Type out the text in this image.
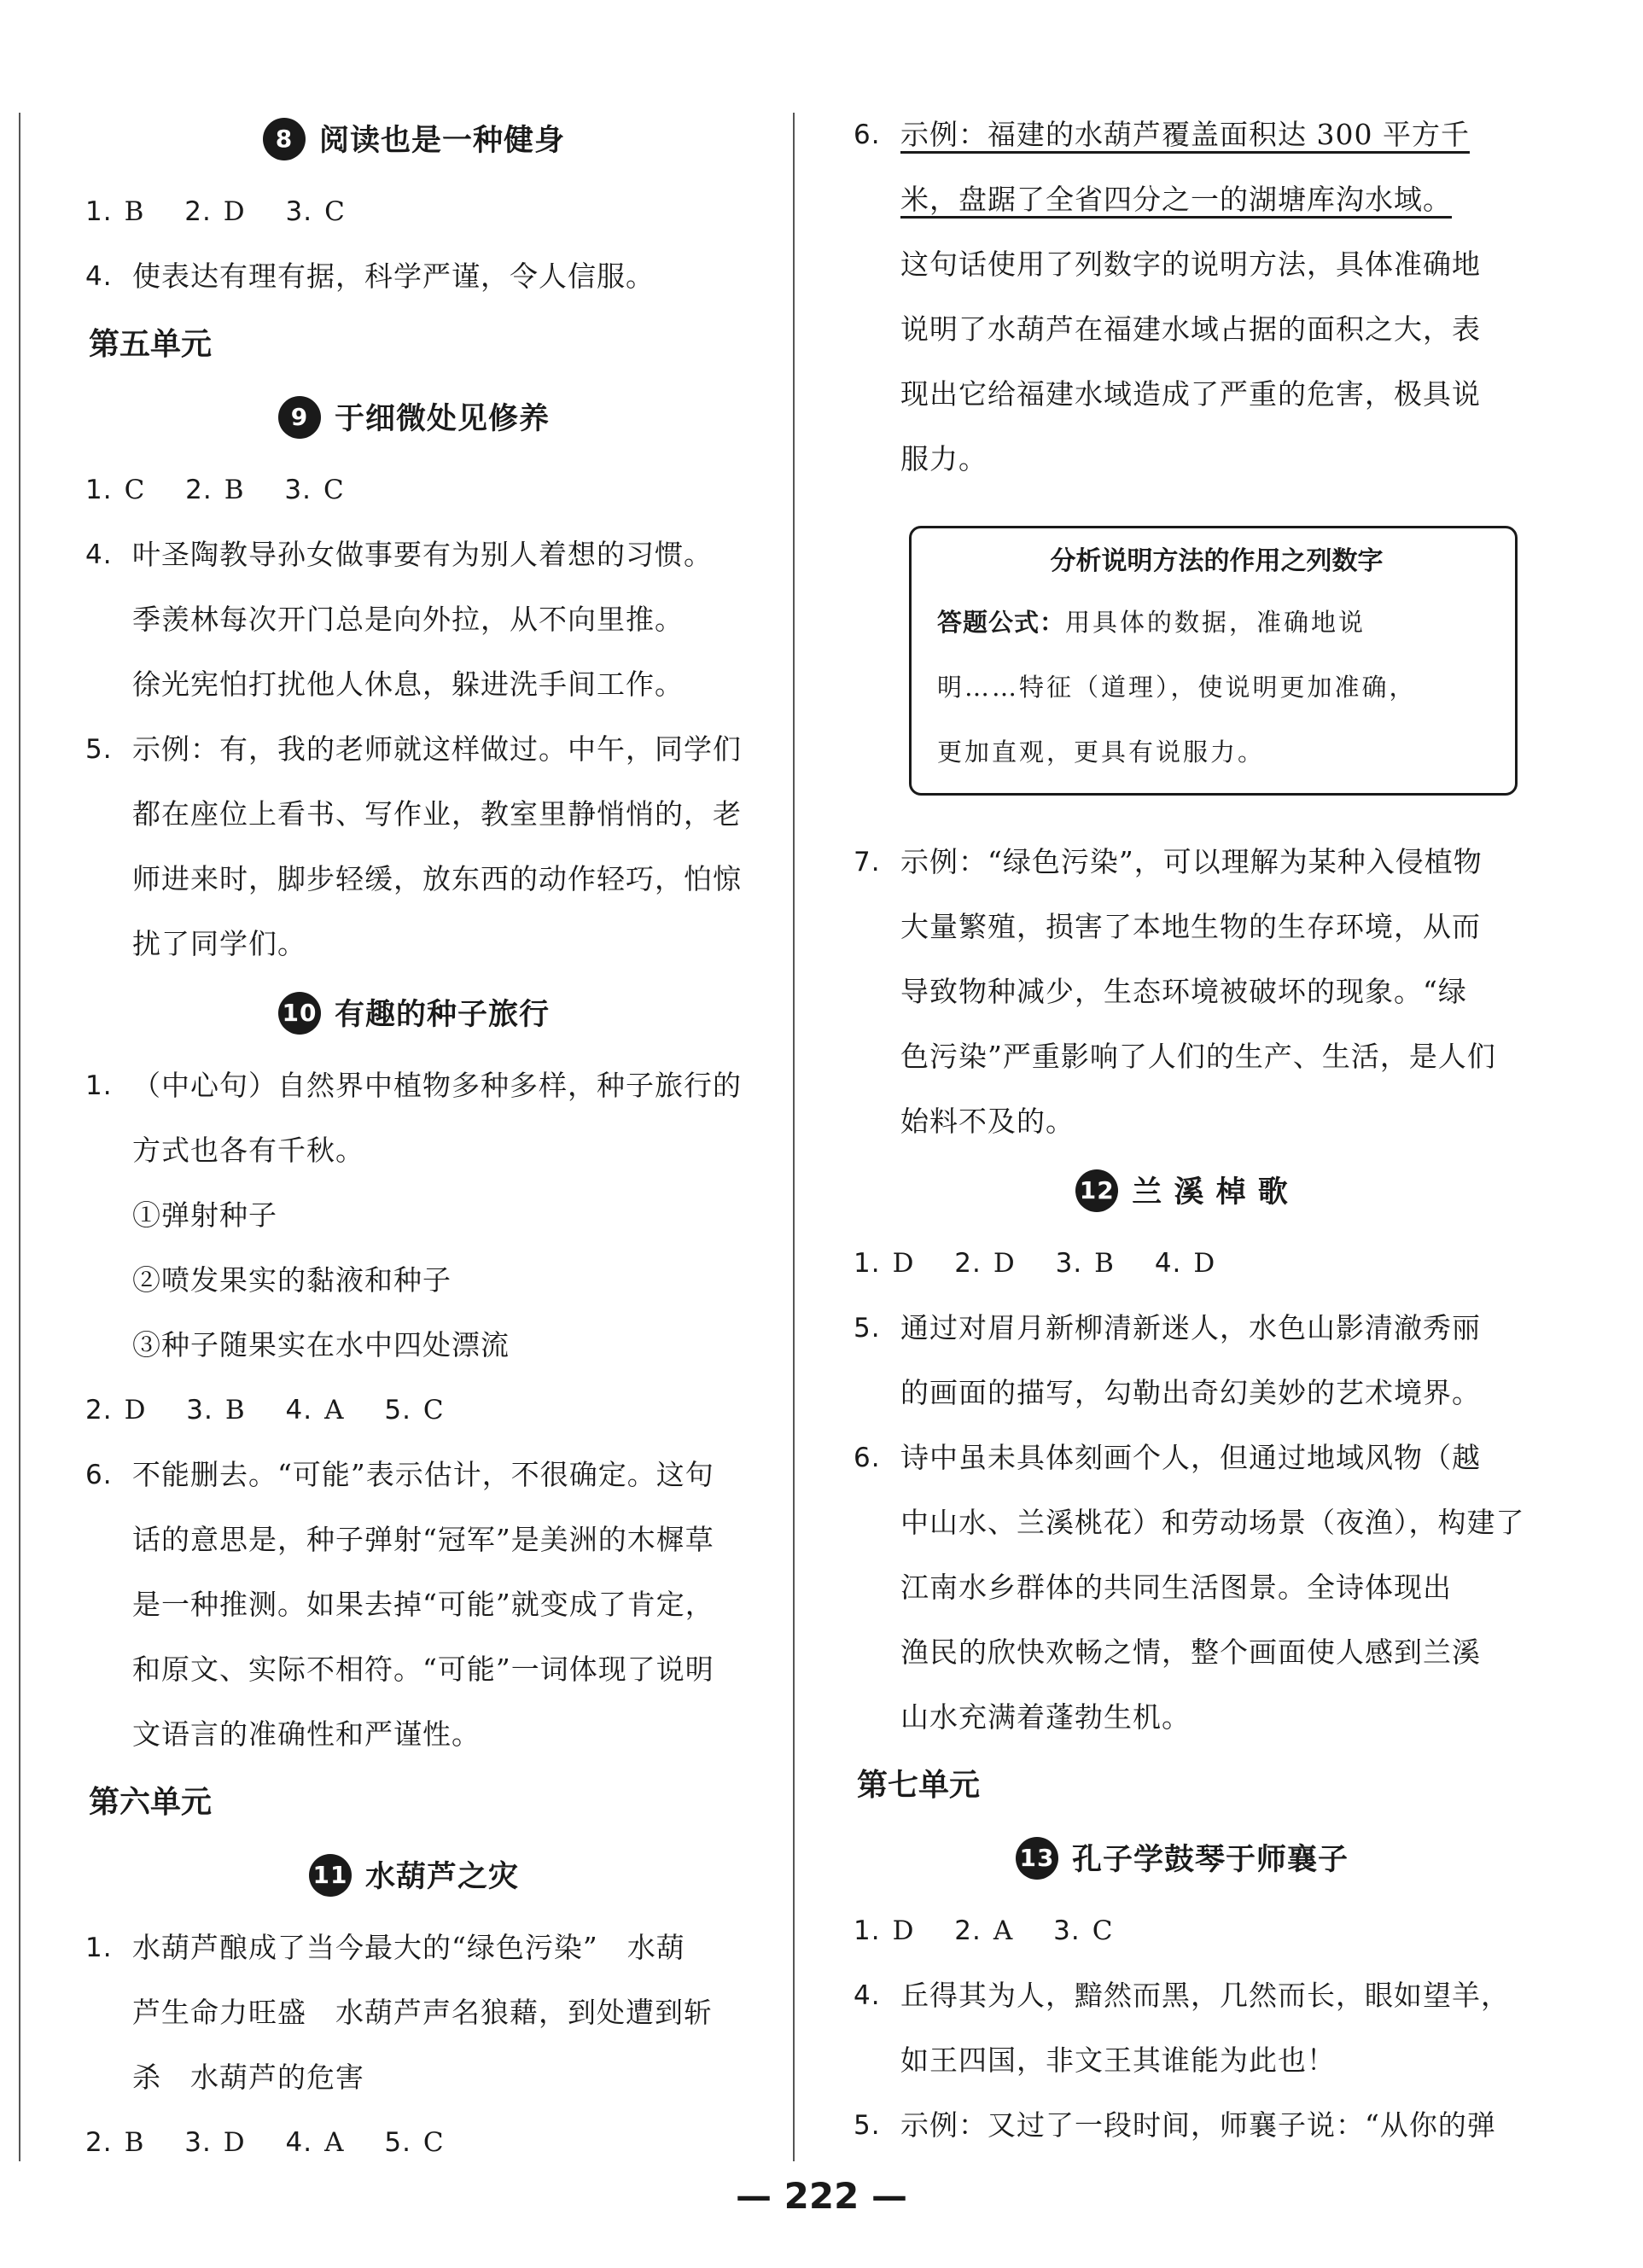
8 阅读也是一种健身
1. B 2. D 3. C
4. 使表达有理有据，科学严谨，令人信服。
第五单元
9 于细微处见修养
1. C 2. B 3. C
4. 叶圣陶教导孙女做事要有为别人着想的习惯。
季羡林每次开门总是向外拉，从不向里推。
徐光宪怕打扰他人休息，躲进洗手间工作。
5. 示例：有，我的老师就这样做过。中午，同学们
都在座位上看书、写作业，教室里静悄悄的，老
师进来时，脚步轻缓，放东西的动作轻巧，怕惊
扰了同学们。
10 有趣的种子旅行
1. （中心句）自然界中植物多种多样，种子旅行的
方式也各有千秋。
①弹射种子
②喷发果实的黏液和种子
③种子随果实在水中四处漂流
2. D 3. B 4. A 5. C
6. 不能删去。“可能”表示估计，不很确定。这句
话的意思是，种子弹射“冠军”是美洲的木樨草
是一种推测。如果去掉“可能”就变成了肯定，
和原文、实际不相符。“可能”一词体现了说明
文语言的准确性和严谨性。
第六单元
11 水葫芦之灾
1. 水葫芦酿成了当今最大的“绿色污染”　水葫
芦生命力旺盛　水葫芦声名狼藉，到处遭到斩
杀　水葫芦的危害
2. B 3. D 4. A 5. C
6. 示例：福建的水葫芦覆盖面积达 300 平方千
米，盘踞了全省四分之一的湖塘库沟水域。
这句话使用了列数字的说明方法，具体准确地
说明了水葫芦在福建水域占据的面积之大，表
现出它给福建水域造成了严重的危害，极具说
服力。
分析说明方法的作用之列数字
答题公式：用具体的数据，准确地说
明……特征（道理），使说明更加准确，
更加直观，更具有说服力。
7. 示例：“绿色污染”，可以理解为某种入侵植物
大量繁殖，损害了本地生物的生存环境，从而
导致物种减少，生态环境被破坏的现象。“绿
色污染”严重影响了人们的生产、生活，是人们
始料不及的。
12 兰 溪 棹 歌
1. D 2. D 3. B 4. D
5. 通过对眉月新柳清新迷人，水色山影清澈秀丽
的画面的描写，勾勒出奇幻美妙的艺术境界。
6. 诗中虽未具体刻画个人，但通过地域风物（越
中山水、兰溪桃花）和劳动场景（夜渔），构建了
江南水乡群体的共同生活图景。全诗体现出
渔民的欣快欢畅之情，整个画面使人感到兰溪
山水充满着蓬勃生机。
第七单元
13 孔子学鼓琴于师襄子
1. D 2. A 3. C
4. 丘得其为人，黯然而黑，几然而长，眼如望羊，
如王四国，非文王其谁能为此也！
5. 示例：又过了一段时间，师襄子说：“从你的弹
— 222 —
